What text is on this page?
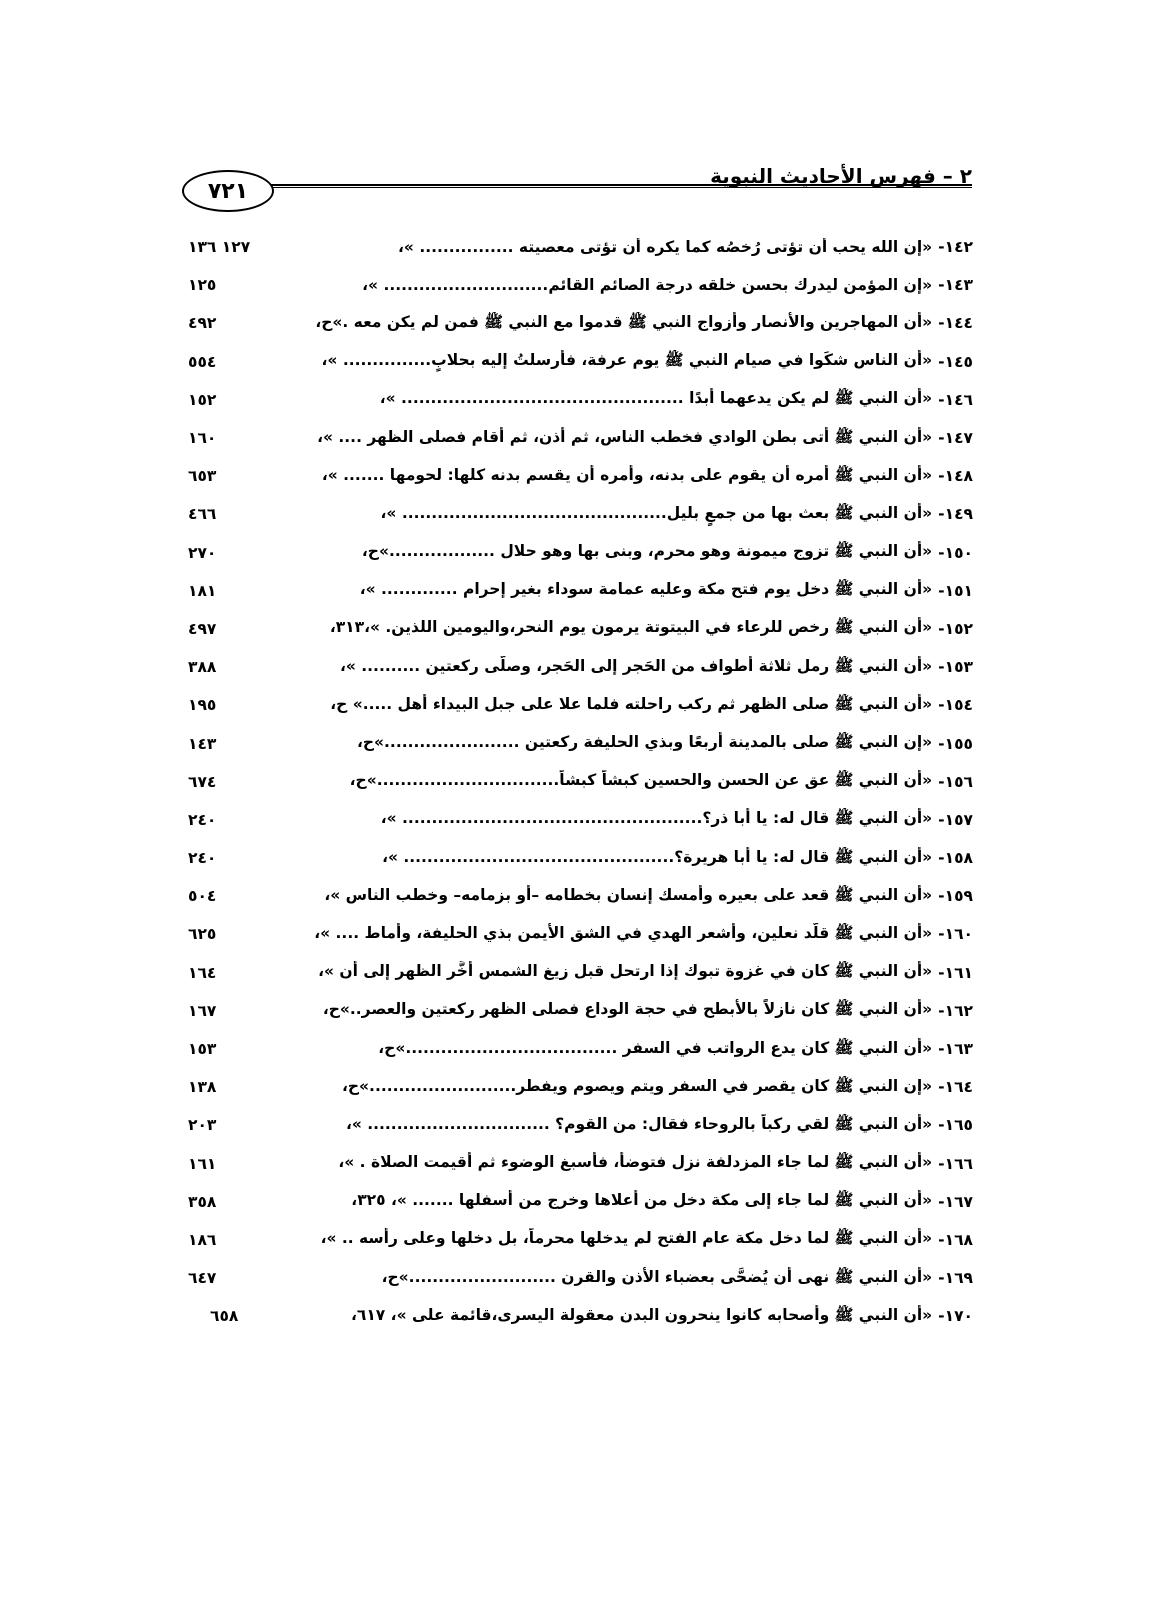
٢ – فهرس الأحاديث النبوية
٧٢١
١٤٢-
«إن الله يحب أن تؤتى رُخصُه كما يكره أن تؤتى معصيته ................ »،
١٢٧ ١٣٦
١٤٣-
«إن المؤمن ليدرك بحسن خلقه درجة الصائم القائم............................ »،
١٢٥
١٤٤-
«أن المهاجرين والأنصار وأزواج النبي ﷺ قدموا مع النبي ﷺ فمن لم يكن معه .»ح،
٤٩٢
١٤٥-
«أن الناس شكَوا في صيام النبي ﷺ يوم عرفة، فأرسلتُ إليه بحلابٍ............... »،
٥٥٤
١٤٦-
«أن النبي ﷺ لم يكن يدعهما أبدًا ................................................ »،
١٥٢
١٤٧-
«أن النبي ﷺ أتى بطن الوادي فخطب الناس، ثم أذن، ثم أقام فصلى الظهر .... »،
١٦٠
١٤٨-
«أن النبي ﷺ أمره أن يقوم على بدنه، وأمره أن يقسم بدنه كلها: لحومها ....... »،
٦٥٣
١٤٩-
«أن النبي ﷺ بعث بها من جمعٍ بليل............................................. »،
٤٦٦
١٥٠-
«أن النبي ﷺ تزوج ميمونة وهو محرم، وبنى بها وهو حلال ..................»ح،
٢٧٠
١٥١-
«أن النبي ﷺ دخل يوم فتح مكة وعليه عمامة سوداء بغير إحرام ............. »،
١٨١
١٥٢-
«أن النبي ﷺ رخص للرعاء في البيتوتة يرمون يوم النحر،واليومين اللذين. »،٣١٣،
٤٩٧
١٥٣-
«أن النبي ﷺ رمل ثلاثة أطواف من الحَجر إلى الحَجر، وصلَّى ركعتين .......... »،
٣٨٨
١٥٤-
«أن النبي ﷺ صلى الظهر ثم ركب راحلته فلما علا على جبل البيداء أهل .....» ح،
١٩٥
١٥٥-
«إن النبي ﷺ صلى بالمدينة أربعًا وبذي الحليفة ركعتين .......................»ح،
١٤٣
١٥٦-
«أن النبي ﷺ عق عن الحسن والحسين كبشاً كبشاً...............................»ح،
٦٧٤
١٥٧-
«أن النبي ﷺ قال له: يا أبا ذر؟................................................... »،
٢٤٠
١٥٨-
«أن النبي ﷺ قال له: يا أبا هريرة؟.............................................. »،
٢٤٠
١٥٩-
«أن النبي ﷺ قعد على بعيره وأمسك إنسان بخطامه –أو بزمامه– وخطب الناس »،
٥٠٤
١٦٠-
«أن النبي ﷺ قلَّد نعلين، وأشعر الهدي في الشق الأيمن بذي الحليفة، وأماط .... »،
٦٢٥
١٦١-
«أن النبي ﷺ كان في غزوة تبوك إذا ارتحل قبل زيغ الشمس أخَّر الظهر إلى أن »،
١٦٤
١٦٢-
«أن النبي ﷺ كان نازلاً بالأبطح في حجة الوداع فصلى الظهر ركعتين والعصر..»ح،
١٦٧
١٦٣-
«أن النبي ﷺ كان يدع الرواتب في السفر ....................................»ح،
١٥٣
١٦٤-
«إن النبي ﷺ كان يقصر في السفر ويتم ويصوم ويفطر.........................»ح،
١٣٨
١٦٥-
«أن النبي ﷺ لقي ركباً بالروحاء فقال: من القوم؟ ............................... »،
٢٠٣
١٦٦-
«أن النبي ﷺ لما جاء المزدلفة نزل فتوضأ، فأسبغ الوضوء ثم أقيمت الصلاة . »،
١٦١
١٦٧-
«أن النبي ﷺ لما جاء إلى مكة دخل من أعلاها وخرج من أسفلها ....... »، ٣٢٥،
٣٥٨
١٦٨-
«أن النبي ﷺ لما دخل مكة عام الفتح لم يدخلها محرماً، بل دخلها وعلى رأسه .. »،
١٨٦
١٦٩-
«أن النبي ﷺ نهى أن يُضحَّى بعضباء الأذن والقرن .........................»ح،
٦٤٧
١٧٠-
«أن النبي ﷺ وأصحابه كانوا ينحرون البدن معقولة اليسرى،قائمة على »، ٦١٧،
٦٥٨
